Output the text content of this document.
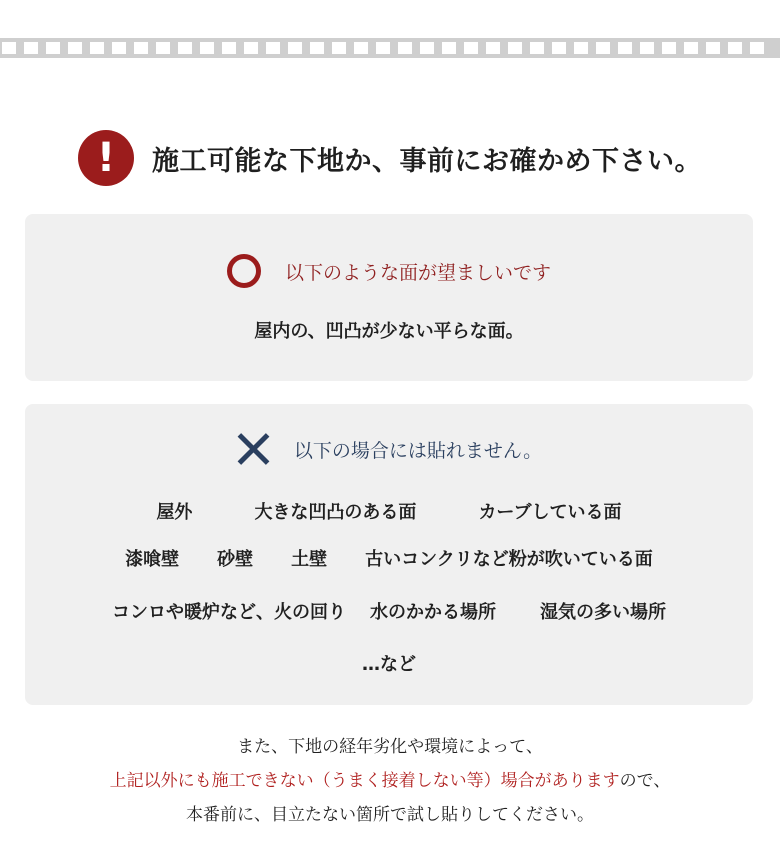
!	施工可能な下地か、事前にお確かめ下さい。
以下のような面が望ましいです
屋内の、凹凸が少ない平らな面。
以下の場合には貼れません。
屋外	大きな凹凸のある面	カーブしている面
漆喰壁 砂壁 土壁 古いコンクリなど粉が吹いている面
コンロや暖炉など、火の回り 水のかかる場所 湿気の多い場所
…など
また、下地の経年劣化や環境によって、
上記以外にも施工できない（うまく接着しない等）場合がありますので、
本番前に、目立たない箇所で試し貼りしてください。
